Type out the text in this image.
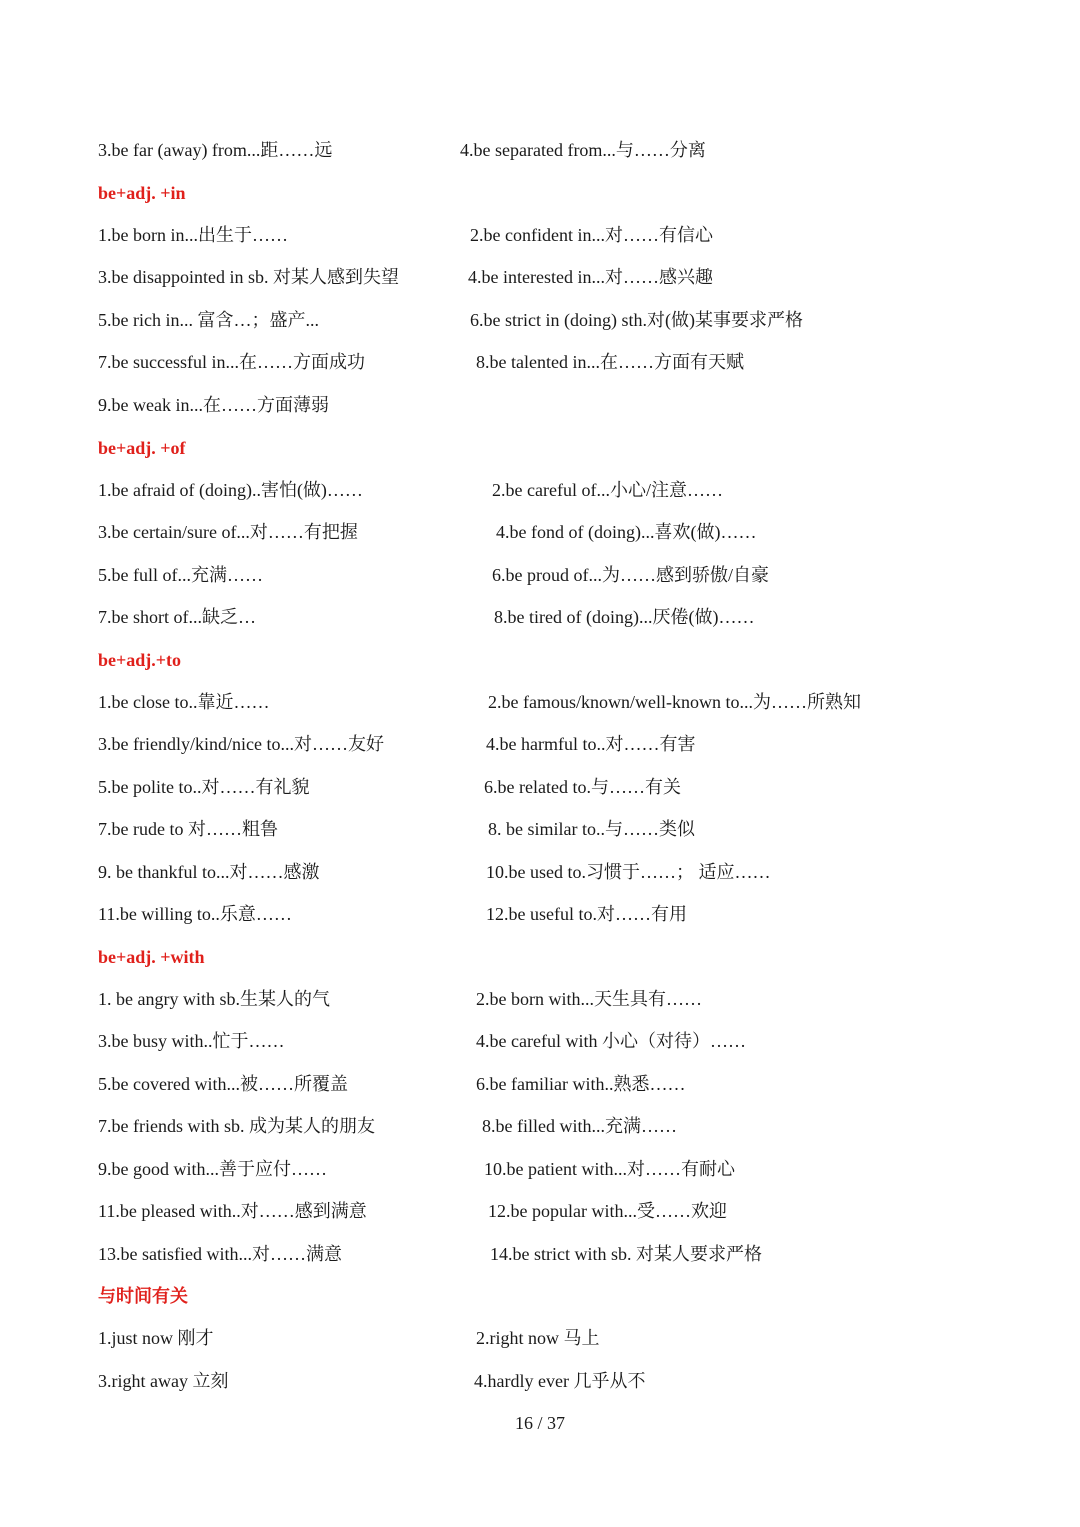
3.be far (away) from...距……远	4.be separated from...与……分离
be+adj. +in
1.be born in...出生于……	2.be confident in...对……有信心
3.be disappointed in sb. 对某人感到失望	4.be interested in...对……感兴趣
5.be rich in... 富含…；盛产...	6.be strict in (doing) sth.对(做)某事要求严格
7.be successful in...在……方面成功	8.be talented in...在……方面有天赋
9.be weak in...在……方面薄弱
be+adj. +of
1.be afraid of (doing)..害怕(做)……	2.be careful of...小心/注意……
3.be certain/sure of...对……有把握	4.be fond of (doing)...喜欢(做)……
5.be full of...充满……	6.be proud of...为……感到骄傲/自豪
7.be short of...缺乏…	8.be tired of (doing)...厌倦(做)……
be+adj.+to
1.be close to..靠近……	2.be famous/known/well-known to...为……所熟知
3.be friendly/kind/nice to...对……友好	4.be harmful to..对……有害
5.be polite to..对……有礼貌	6.be related to.与……有关
7.be rude to 对……粗鲁	8. be similar to..与……类似
9. be thankful to...对……感激	10.be used to.习惯于……； 适应……
11.be willing to..乐意……	12.be useful to.对……有用
be+adj. +with
1. be angry with sb.生某人的气	2.be born with...天生具有……
3.be busy with..忙于……	4.be careful with 小心（对待）……
5.be covered with...被……所覆盖	6.be familiar with..熟悉……
7.be friends with sb. 成为某人的朋友	8.be filled with...充满……
9.be good with...善于应付……	10.be patient with...对……有耐心
11.be pleased with..对……感到满意	12.be popular with...受……欢迎
13.be satisfied with...对……满意	14.be strict with sb. 对某人要求严格
与时间有关
1.just now 刚才	2.right now 马上
3.right away 立刻	4.hardly ever 几乎从不
16 / 37
